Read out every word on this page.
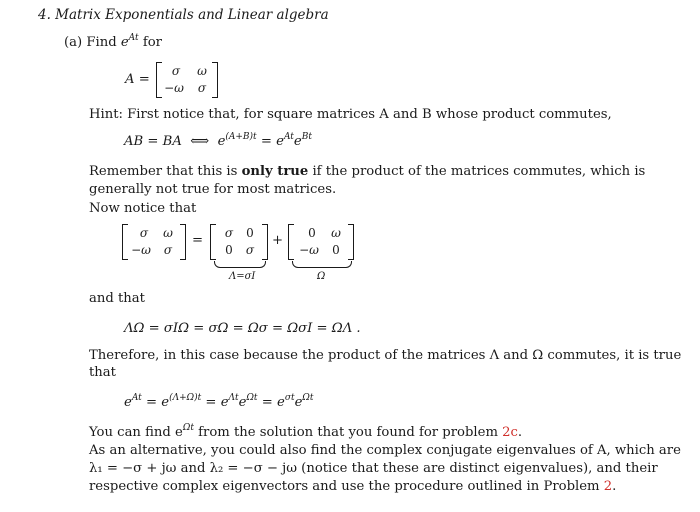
4. Matrix Exponentials and Linear algebra
(a) Find $e^{At}$ for
A =
σ	ω
−ω	σ
Hint: First notice that, for square matrices A and B whose product commutes,
AB = BA ⟺ $e^{(A+B)t} = e^{At}e^{Bt}$
Remember that this is only true if the product of the matrices commutes, which is
generally not true for most matrices.
Now notice that
σ	ω
−ω	σ
=	σ	0
0	σ
Λ=σI
+	0	ω
−ω	0
Ω
and that
ΛΩ = σIΩ = σΩ = Ωσ = ΩσI = ΩΛ .
Therefore, in this case because the product of the matrices Λ and Ω commutes, it is true
that
$e^{At} = e^{(\Lambda+\Omega)t} = e^{\Lambda t}e^{\Omega t} = e^{\sigma t}e^{\Omega t}$
You can find $e^{\Omega t}$ from the solution that you found for problem 2c.
As an alternative, you could also find the complex conjugate eigenvalues of A, which are
λ₁ = −σ + jω and λ₂ = −σ − jω (notice that these are distinct eigenvalues), and their
respective complex eigenvectors and use the procedure outlined in Problem 2.
